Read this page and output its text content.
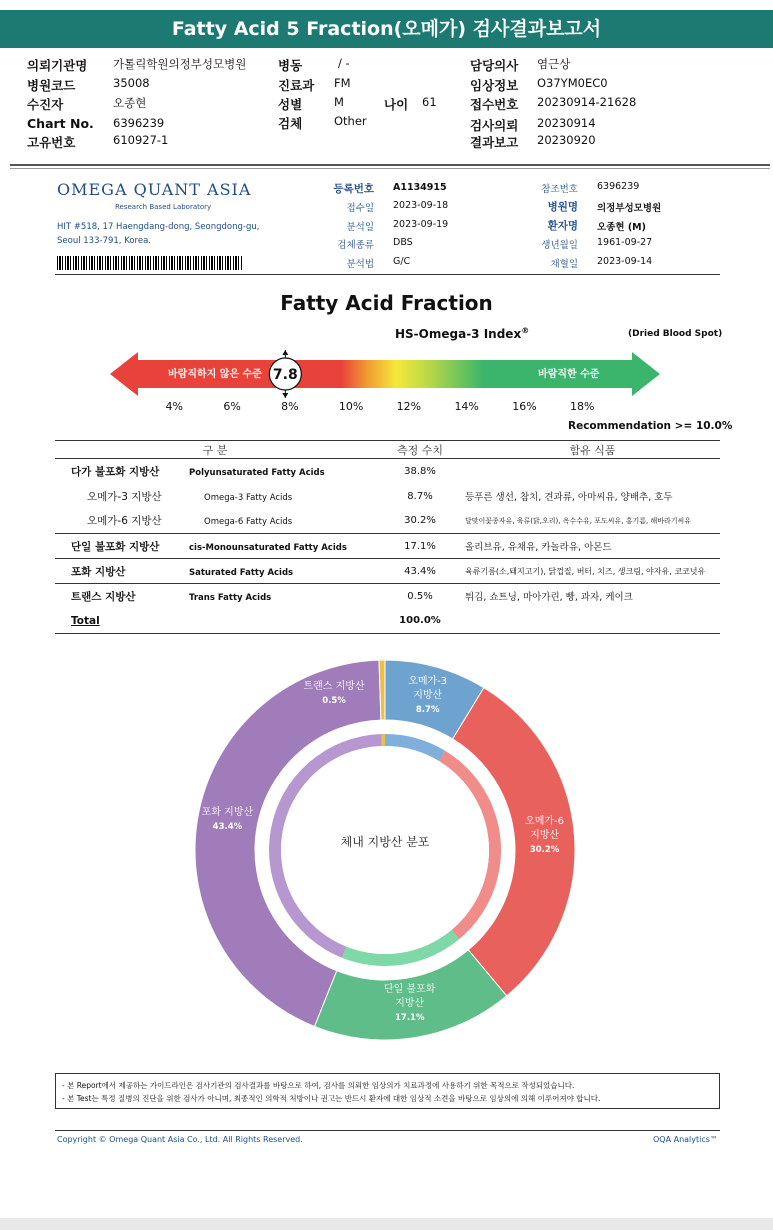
Fatty Acid 5 Fraction(오메가) 검사결과보고서
의뢰기관명 가톨릭학원의정부성모병원
병원코드	35008
수진자	오종현
Chart No. 6396239
고유번호	610927-1
병동	/ -
진료과 FM
성별	M	나이 61
검체	Other
담당의사 염근상
임상정보 O37YM0EC0
접수번호 20230914-21628
검사의뢰 20230914
결과보고 20230920
OMEGA QUANT ASIA
Research Based Laboratory
HIT #518, 17 Haengdang-dong, Seongdong-gu,
Seoul 133-791, Korea.
등록번호 A1134915
접수일 2023-09-18
분석일 2023-09-19
검체종류 DBS
분석법 G/C
참조번호 6396239
병원명 의정부성모병원
환자명 오종현 (M)
생년월일 1961-09-27
채혈일 2023-09-14
Fatty Acid Fraction
HS-Omega-3 Index®	(Dried Blood Spot)
바람직하지 않은 수준	바람직한 수준
7.8
4%	6%	8%	10%	12%	14%	16%	18%
Recommendation >= 10.0%
구 분	측정 수치	함유 식품
다가 불포화 지방산 Polyunsaturated Fatty Acids	38.8%	
오메가-3 지방산 Omega-3 Fatty Acids	8.7%	등푸른 생선, 참치, 견과류, 아마씨유, 양배추, 호두
오메가-6 지방산 Omega-6 Fatty Acids	30.2%	달맞이꽃종자유, 육류(닭,오리), 옥수수유, 포도씨유, 홍기름, 해바라기씨유
단일 불포화 지방산 cis-Monounsaturated Fatty Acids	17.1%	올리브유, 유채유, 카놀라유, 아몬드
포화 지방산 Saturated Fatty Acids	43.4%	육류기름(소,돼지고기), 닭껍질, 버터, 치즈, 생크림, 야자유, 코코넛유
트랜스 지방산 Trans Fatty Acids	0.5%	튀김, 쇼트닝, 마아가린, 빵, 과자, 케이크
Total	100.0%	
체내 지방산 분포
오메가-3
지방산
8.7%
오메가-6
지방산
30.2%
단일 불포화
지방산
17.1%
포화 지방산
43.4%
트랜스 지방산
0.5%
- 본 Report에서 제공하는 가이드라인은 검사기관의 검사결과를 바탕으로 하여, 검사를 의뢰한 임상의가 치료과정에 사용하기 위한 목적으로 작성되었습니다.
- 본 Test는 특정 질병의 진단을 위한 검사가 아니며, 최종적인 의학적 처방이나 권고는 반드시 환자에 대한 임상적 소견을 바탕으로 임상의에 의해 이루어져야 합니다.
Copyright © Omega Quant Asia Co., Ltd. All Rights Reserved.	OQA Analytics™
